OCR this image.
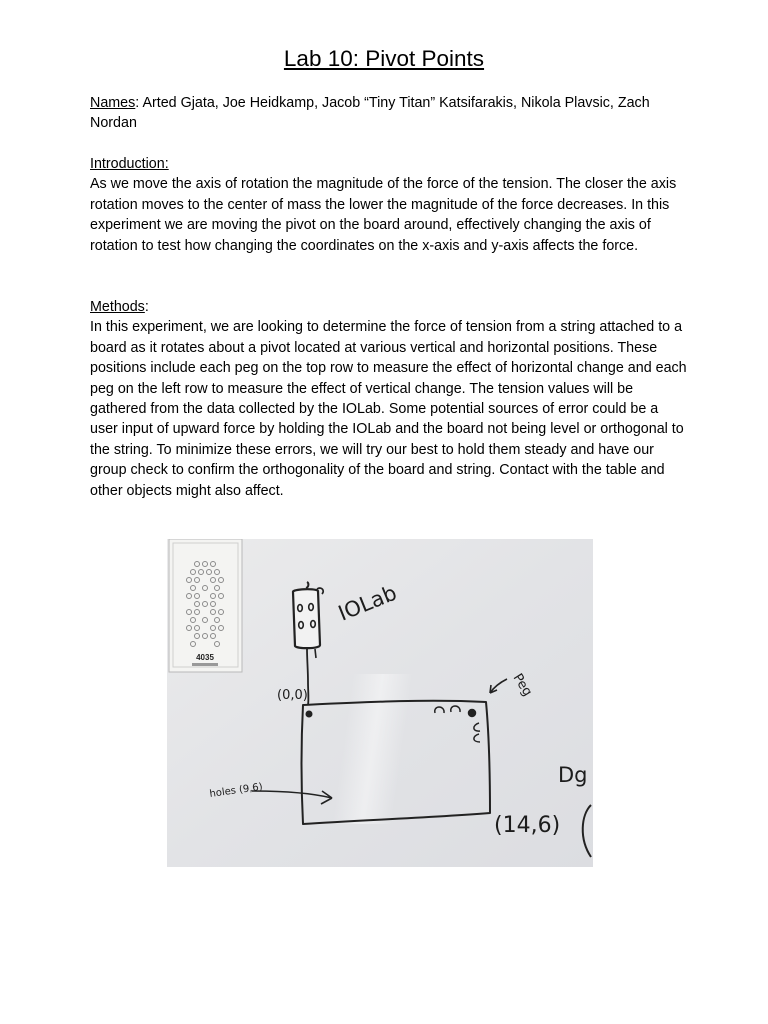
Lab 10: Pivot Points
Names: Arted Gjata, Joe Heidkamp, Jacob “Tiny Titan” Katsifarakis, Nikola Plavsic, Zach Nordan
Introduction:
As we move the axis of rotation the magnitude of the force of the tension. The closer the axis rotation moves to the center of mass the lower the magnitude of the force decreases. In this experiment we are moving the pivot on the board around, effectively changing the axis of rotation to test how changing the coordinates on the x-axis and y-axis affects the force.
Methods:
In this experiment, we are looking to determine the force of tension from a string attached to a board as it rotates about a pivot located at various vertical and horizontal positions. These positions include each peg on the top row to measure the effect of horizontal change and each peg on the left row to measure the effect of vertical change. The tension values will be gathered from the data collected by the IOLab. Some potential sources of error could be a user input of upward force by holding the IOLab and the board not being level or orthogonal to the string. To minimize these errors, we will try our best to hold them steady and have our group check to confirm the orthogonality of the board and string. Contact with the table and other objects might also affect.
4035
IOLab
Peg
(0,0)
(14,6)
holes (9,6)
Dg
